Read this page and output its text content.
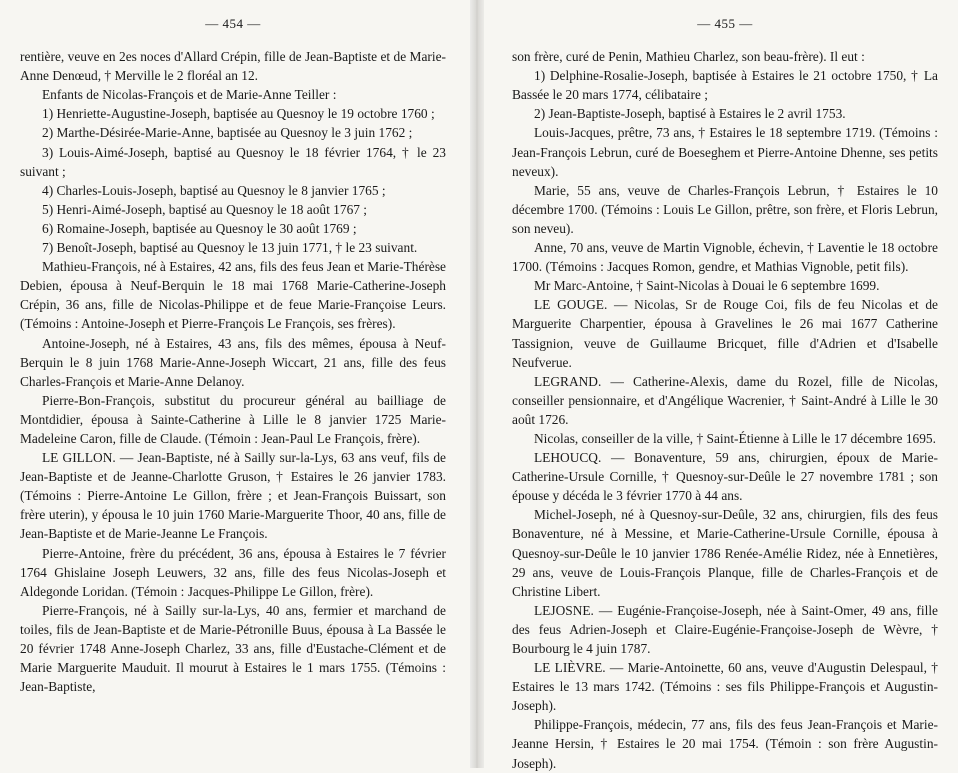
— 454 —

rentière, veuve en 2es noces d'Allard Crépin, fille de Jean-Baptiste et de Marie-Anne Denœud, † Merville le 2 floréal an 12.

Enfants de Nicolas-François et de Marie-Anne Teiller :

1) Henriette-Augustine-Joseph, baptisée au Quesnoy le 19 octobre 1760 ;

2) Marthe-Désirée-Marie-Anne, baptisée au Quesnoy le 3 juin 1762 ;

3) Louis-Aimé-Joseph, baptisé au Quesnoy le 18 février 1764, † le 23 suivant ;

4) Charles-Louis-Joseph, baptisé au Quesnoy le 8 janvier 1765 ;

5) Henri-Aimé-Joseph, baptisé au Quesnoy le 18 août 1767 ;

6) Romaine-Joseph, baptisée au Quesnoy le 30 août 1769 ;

7) Benoît-Joseph, baptisé au Quesnoy le 13 juin 1771, † le 23 suivant.

Mathieu-François, né à Estaires, 42 ans, fils des feus Jean et Marie-Thérèse Debien, épousa à Neuf-Berquin le 18 mai 1768 Marie-Catherine-Joseph Crépin, 36 ans, fille de Nicolas-Philippe et de feue Marie-Françoise Leurs. (Témoins : Antoine-Joseph et Pierre-François Le François, ses frères).

Antoine-Joseph, né à Estaires, 43 ans, fils des mêmes, épousa à Neuf-Berquin le 8 juin 1768 Marie-Anne-Joseph Wiccart, 21 ans, fille des feus Charles-François et Marie-Anne Delanoy.

Pierre-Bon-François, substitut du procureur général au bailliage de Montdidier, épousa à Sainte-Catherine à Lille le 8 janvier 1725 Marie-Madeleine Caron, fille de Claude. (Témoin : Jean-Paul Le François, frère).

LE GILLON. — Jean-Baptiste, né à Sailly sur-la-Lys, 63 ans veuf, fils de Jean-Baptiste et de Jeanne-Charlotte Gruson, † Estaires le 26 janvier 1783. (Témoins : Pierre-Antoine Le Gillon, frère ; et Jean-François Buissart, son frère uterin), y épousa le 10 juin 1760 Marie-Marguerite Thoor, 40 ans, fille de Jean-Baptiste et de Marie-Jeanne Le François.

Pierre-Antoine, frère du précédent, 36 ans, épousa à Estaires le 7 février 1764 Ghislaine Joseph Leuwers, 32 ans, fille des feus Nicolas-Joseph et Aldegonde Loridan. (Témoin : Jacques-Philippe Le Gillon, frère).

Pierre-François, né à Sailly sur-la-Lys, 40 ans, fermier et marchand de toiles, fils de Jean-Baptiste et de Marie-Pétronille Buus, épousa à La Bassée le 20 février 1748 Anne-Joseph Charlez, 33 ans, fille d'Eustache-Clément et de Marie Marguerite Mauduit. Il mourut à Estaires le 1 mars 1755. (Témoins : Jean-Baptiste,

— 455 —

son frère, curé de Penin, Mathieu Charlez, son beau-frère). Il eut :

1) Delphine-Rosalie-Joseph, baptisée à Estaires le 21 octobre 1750, † La Bassée le 20 mars 1774, célibataire ;

2) Jean-Baptiste-Joseph, baptisé à Estaires le 2 avril 1753.

Louis-Jacques, prêtre, 73 ans, † Estaires le 18 septembre 1719. (Témoins : Jean-François Lebrun, curé de Boeseghem et Pierre-Antoine Dhenne, ses petits neveux).

Marie, 55 ans, veuve de Charles-François Lebrun, † Estaires le 10 décembre 1700. (Témoins : Louis Le Gillon, prêtre, son frère, et Floris Lebrun, son neveu).

Anne, 70 ans, veuve de Martin Vignoble, échevin, † Laventie le 18 octobre 1700. (Témoins : Jacques Romon, gendre, et Mathias Vignoble, petit fils).

Mr Marc-Antoine, † Saint-Nicolas à Douai le 6 septembre 1699.

LE GOUGE. — Nicolas, Sr de Rouge Coi, fils de feu Nicolas et de Marguerite Charpentier, épousa à Gravelines le 26 mai 1677 Catherine Tassignion, veuve de Guillaume Bricquet, fille d'Adrien et d'Isabelle Neufverue.

LEGRAND. — Catherine-Alexis, dame du Rozel, fille de Nicolas, conseiller pensionnaire, et d'Angélique Wacrenier, † Saint-André à Lille le 30 août 1726.

Nicolas, conseiller de la ville, † Saint-Étienne à Lille le 17 décembre 1695.

LEHOUCQ. — Bonaventure, 59 ans, chirurgien, époux de Marie-Catherine-Ursule Cornille, † Quesnoy-sur-Deûle le 27 novembre 1781 ; son épouse y décéda le 3 février 1770 à 44 ans.

Michel-Joseph, né à Quesnoy-sur-Deûle, 32 ans, chirurgien, fils des feus Bonaventure, né à Messine, et Marie-Catherine-Ursule Cornille, épousa à Quesnoy-sur-Deûle le 10 janvier 1786 Renée-Amélie Ridez, née à Ennetières, 29 ans, veuve de Louis-François Planque, fille de Charles-François et de Christine Libert.

LEJOSNE. — Eugénie-Françoise-Joseph, née à Saint-Omer, 49 ans, fille des feus Adrien-Joseph et Claire-Eugénie-Françoise-Joseph de Wèvre, † Bourbourg le 4 juin 1787.

LE LIÈVRE. — Marie-Antoinette, 60 ans, veuve d'Augustin Delespaul, † Estaires le 13 mars 1742. (Témoins : ses fils Philippe-François et Augustin-Joseph).

Philippe-François, médecin, 77 ans, fils des feus Jean-François et Marie-Jeanne Hersin, † Estaires le 20 mai 1754. (Témoin : son frère Augustin-Joseph).
